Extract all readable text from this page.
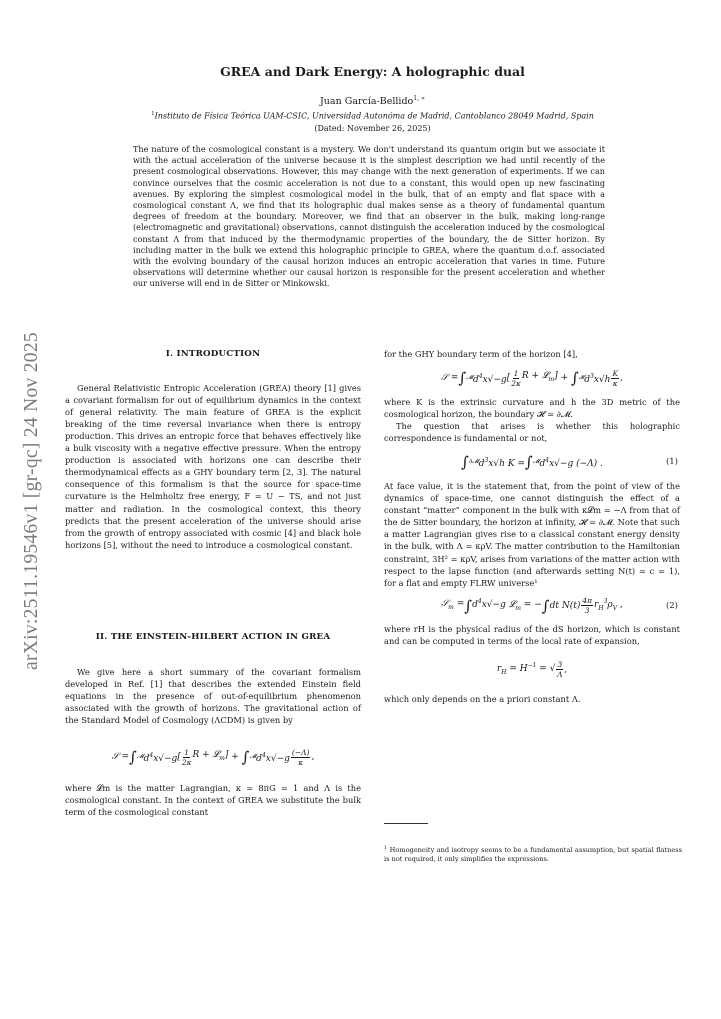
arXiv:2511.19546v1 [gr-qc] 24 Nov 2025
GREA and Dark Energy: A holographic dual
Juan García-Bellido$^{1, ∗}$
$^1$Instituto de Física Teórica UAM-CSIC, Universidad Autonóma de Madrid, Cantoblanco 28049 Madrid, Spain
(Dated: November 26, 2025)
The nature of the cosmological constant is a mystery. We don't understand its quantum origin but we associate it with the actual acceleration of the universe because it is the simplest description we had until recently of the present cosmological observations. However, this may change with the next generation of experiments. If we can convince ourselves that the cosmic acceleration is not due to a constant, this would open up new fascinating avenues. By exploring the simplest cosmological model in the bulk, that of an empty and flat space with a cosmological constant Λ, we find that its holographic dual makes sense as a theory of fundamental quantum degrees of freedom at the boundary. Moreover, we find that an observer in the bulk, making long-range (electromagnetic and gravitational) observations, cannot distinguish the acceleration induced by the cosmological constant Λ from that induced by the thermodynamic properties of the boundary, the de Sitter horizon. By including matter in the bulk we extend this holographic principle to GREA, where the quantum d.o.f. associated with the evolving boundary of the causal horizon induces an entropic acceleration that varies in time. Future observations will determine whether our causal horizon is responsible for the present acceleration and whether our universe will end in de Sitter or Minkowski.
I. INTRODUCTION

General Relativistic Entropic Acceleration (GREA) theory [1] gives a covariant formalism for out of equilibrium dynamics in the context of general relativity. The main feature of GREA is the explicit breaking of the time reversal invariance when there is entropy production. This drives an entropic force that behaves effectively like a bulk viscosity with a negative effective pressure. When the entropy production is associated with horizons one can describe their thermodynamical effects as a GHY boundary term [2, 3]. The natural consequence of this formalism is that the source for space-time curvature is the Helmholtz free energy, F = U − TS, and not just matter and radiation. In the cosmological context, this theory predicts that the present acceleration of the universe should arise from the growth of entropy associated with cosmic [4] and black hole horizons [5], without the need to introduce a cosmological constant.

II. THE EINSTEIN-HILBERT ACTION IN GREA

We give here a short summary of the covariant formalism developed in Ref. [1] that describes the extended Einstein field equations in the presence of out-of-equilibrium phenomenon associated with the growth of horizons. The gravitational action of the Standard Model of Cosmology (ΛCDM) is given by

𝒮 = ∫ 𝓜 $d^4x√-g$ [ $\frac{1}{2\kappa}$ R + 𝓛$_m$] + ∫ 𝓜 $d^4x√-g \frac{(-\Lambda)}{\kappa}$ ,

where 𝓛m is the matter Lagrangian, κ = 8πG = 1 and Λ is the cosmological constant. In the context of GREA we substitute the bulk term of the cosmological constant

for the GHY boundary term of the horizon [4],

𝒮 = ∫ 𝓜 $d^4x√-g$ [ $\frac{1}{2\kappa}$ R + 𝓛$_m$] + ∫ 𝓗 $d^3x√h \frac{K}{\kappa}$ ,

where K is the extrinsic curvature and h the 3D metric of the cosmological horizon, the boundary 𝓗 = ∂𝓜.

The question that arises is whether this holographic correspondence is fundamental or not,

∫ ∂𝓜 $d^3x√h$ K = ∫ 𝓜 $d^4x√-g$ (−Λ) .	(1)

At face value, it is the statement that, from the point of view of the dynamics of space-time, one cannot distinguish the effect of a constant “matter” component in the bulk with κ𝓛m = −Λ from that of the de Sitter boundary, the horizon at infinity, 𝓗 = ∂𝓜. Note that such a matter Lagrangian gives rise to a classical constant energy density in the bulk, with Λ = κρV. The matter contribution to the Hamiltonian constraint, 3H² = κρV, arises from variations of the matter action with respect to the lapse function (and afterwards setting N(t) = c = 1), for a flat and empty FLRW universe¹

𝒮$_m$ = ∫ $d^4x√-g$ 𝓛$_m$ = − ∫ dt $N(t) \frac{4\pi}{3} r_H^3\rho_V$ ,	(2)

where rH is the physical radius of the dS horizon, which is constant and can be computed in terms of the local rate of expansion,

$r_H = H^{-1}$ = √ $\frac{3}{\Lambda}$ ,

which only depends on the a priori constant Λ.

$^1$ Homogeneity and isotropy seems to be a fundamental assumption, but spatial flatness is not required, it only simplifies the expressions.
